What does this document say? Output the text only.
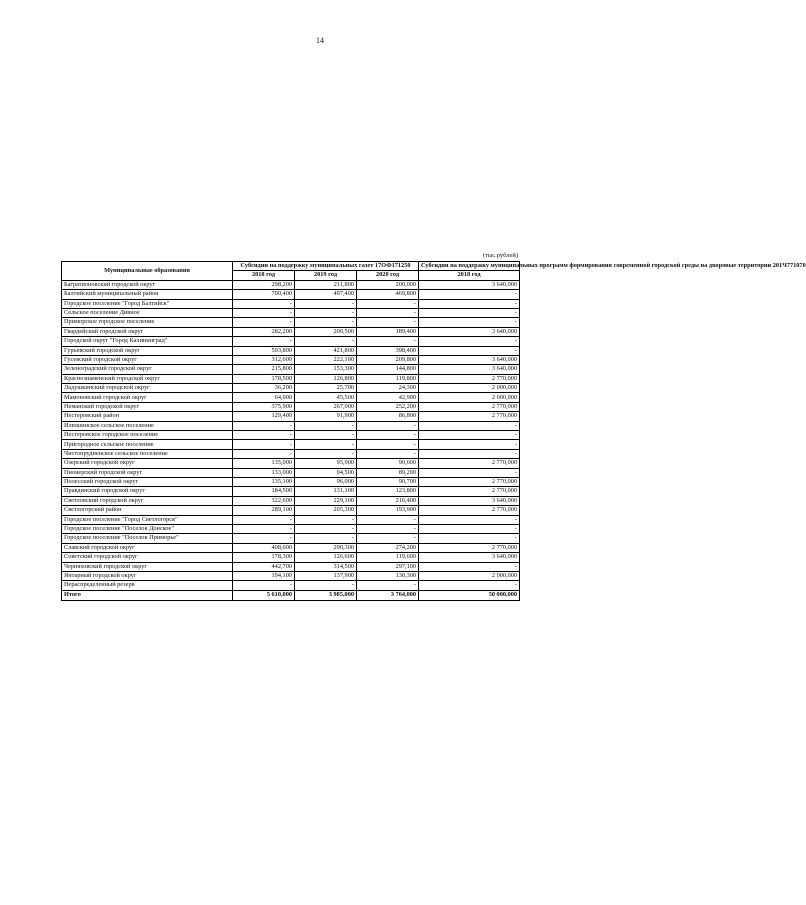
14
(тыс.рублей)
Муниципальные образования	Субсидии на поддержку муниципальных газет 17ОФ171250			Субсидии на поддержку муниципальных программ формирования современной городской среды на дворовые территории 201Ч771070
	2018 год	2019 год	2020 год	2018 год
Багратионовский городской округ	298,200	211,800	200,000	3 640,000
Балтийский муниципальный район	700,400	497,400	469,800	-
Городское поселение "Город Балтийск"	-	-	-	-
Сельское поселение Дивное	-	-	-	-
Приморское городское поселение	-	-	-	-
Гвардейский городской округ	282,200	200,500	189,400	3 640,000
Городской округ "Город Калининград"	-	-	-	-
Гурьевский городской округ	593,800	421,800	398,400	-
Гусевский городской округ	312,600	222,100	209,800	3 640,000
Зеленоградский городской округ	215,800	153,300	144,800	3 640,000
Краснознаменский городской округ	178,500	126,800	119,800	2 770,000
Ладушкинский городской округ	36,200	25,700	24,300	2 000,000
Мамоновский городской округ	64,000	45,500	42,900	2 000,000
Неманский городской округ	375,900	267,000	252,200	2 770,000
Нестеровский район	129,400	91,900	86,800	2 770,000
Илюшинское сельское поселение	-	-	-	-
Нестеровское городское поселение	-	-	-	-
Пригородное сельское поселение	-	-	-	-
Чистопрудненское сельское поселение	-	-	-	-
Озерский городской округ	135,000	95,900	90,600	2 770,000
Пионерский городской округ	133,000	94,500	89,200	-
Полесский городской округ	135,100	96,000	90,700	2 770,000
Правдинский городской округ	184,500	131,100	123,800	2 770,000
Светловский городской округ	322,600	229,100	216,400	3 640,000
Светлогорский район	289,100	205,300	193,900	2 770,000
Городское поселение "Город Светлогорск"	-	-	-	-
Городское поселение "Поселок Донское"	-	-	-	-
Городское поселение "Поселок Приморье"	-	-	-	-
Славский городской округ	408,600	290,300	274,200	2 770,000
Советский городской округ	178,300	126,600	119,600	3 640,000
Черняховский городской округ	442,700	314,500	297,100	-
Янтарный городской округ	194,100	137,900	130,300	2 000,000
Нераспределенный резерв	-	-	-	-
Итого	5 610,000	3 985,000	3 764,000	50 000,000
